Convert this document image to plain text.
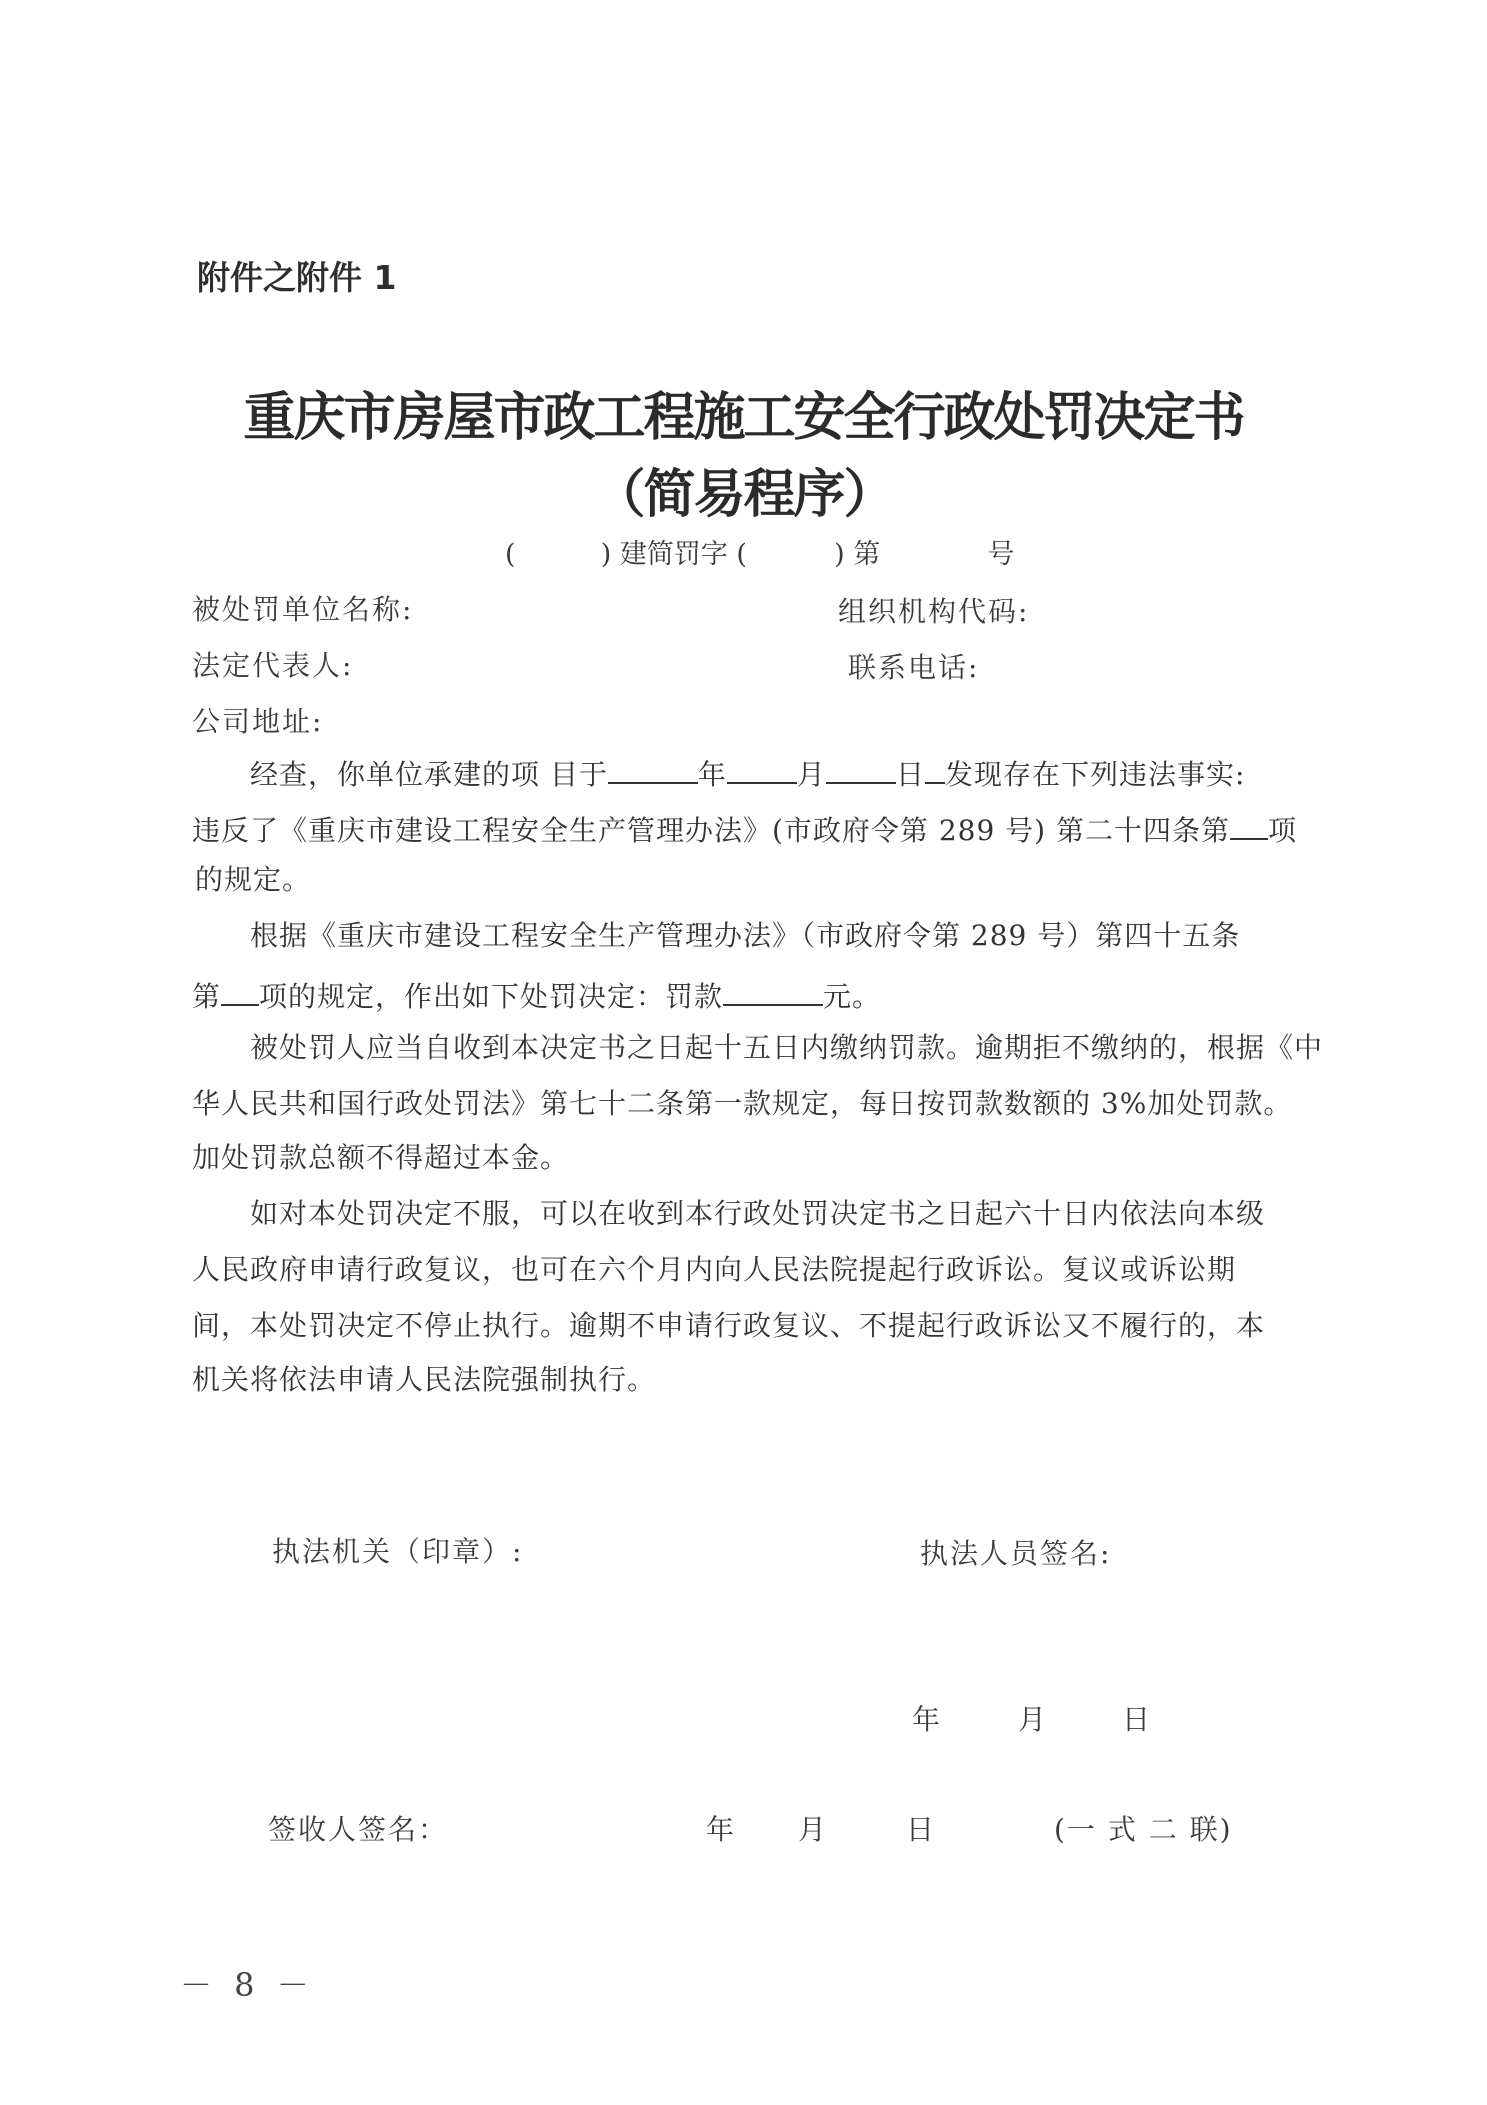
附件之附件 1
重庆市房屋市政工程施工安全行政处罚决定书
（简易程序）
(	) 建简罚字 (	) 第	号
被处罚单位名称:	组织机构代码:
法定代表人:	联系电话:
公司地址:
经查，你单位承建的项 目于	年	月	日 发现存在下列违法事实:
违反了《重庆市建设工程安全生产管理办法》(市政府令第 289 号) 第二十四条第 项
的规定。
根据《重庆市建设工程安全生产管理办法》（市政府令第 289 号）第四十五条
第 项的规定，作出如下处罚决定：罚款	元。
被处罚人应当自收到本决定书之日起十五日内缴纳罚款。逾期拒不缴纳的，根据《中
华人民共和国行政处罚法》第七十二条第一款规定，每日按罚款数额的 3%加处罚款。
加处罚款总额不得超过本金。
如对本处罚决定不服，可以在收到本行政处罚决定书之日起六十日内依法向本级
人民政府申请行政复议，也可在六个月内向人民法院提起行政诉讼。复议或诉讼期
间，本处罚决定不停止执行。逾期不申请行政复议、不提起行政诉讼又不履行的，本
机关将依法申请人民法院强制执行。
执法机关（印章）:	执法人员签名:
年	月	日
签收人签名：	年 月	日	(一 式 二 联)
－ 8 －
